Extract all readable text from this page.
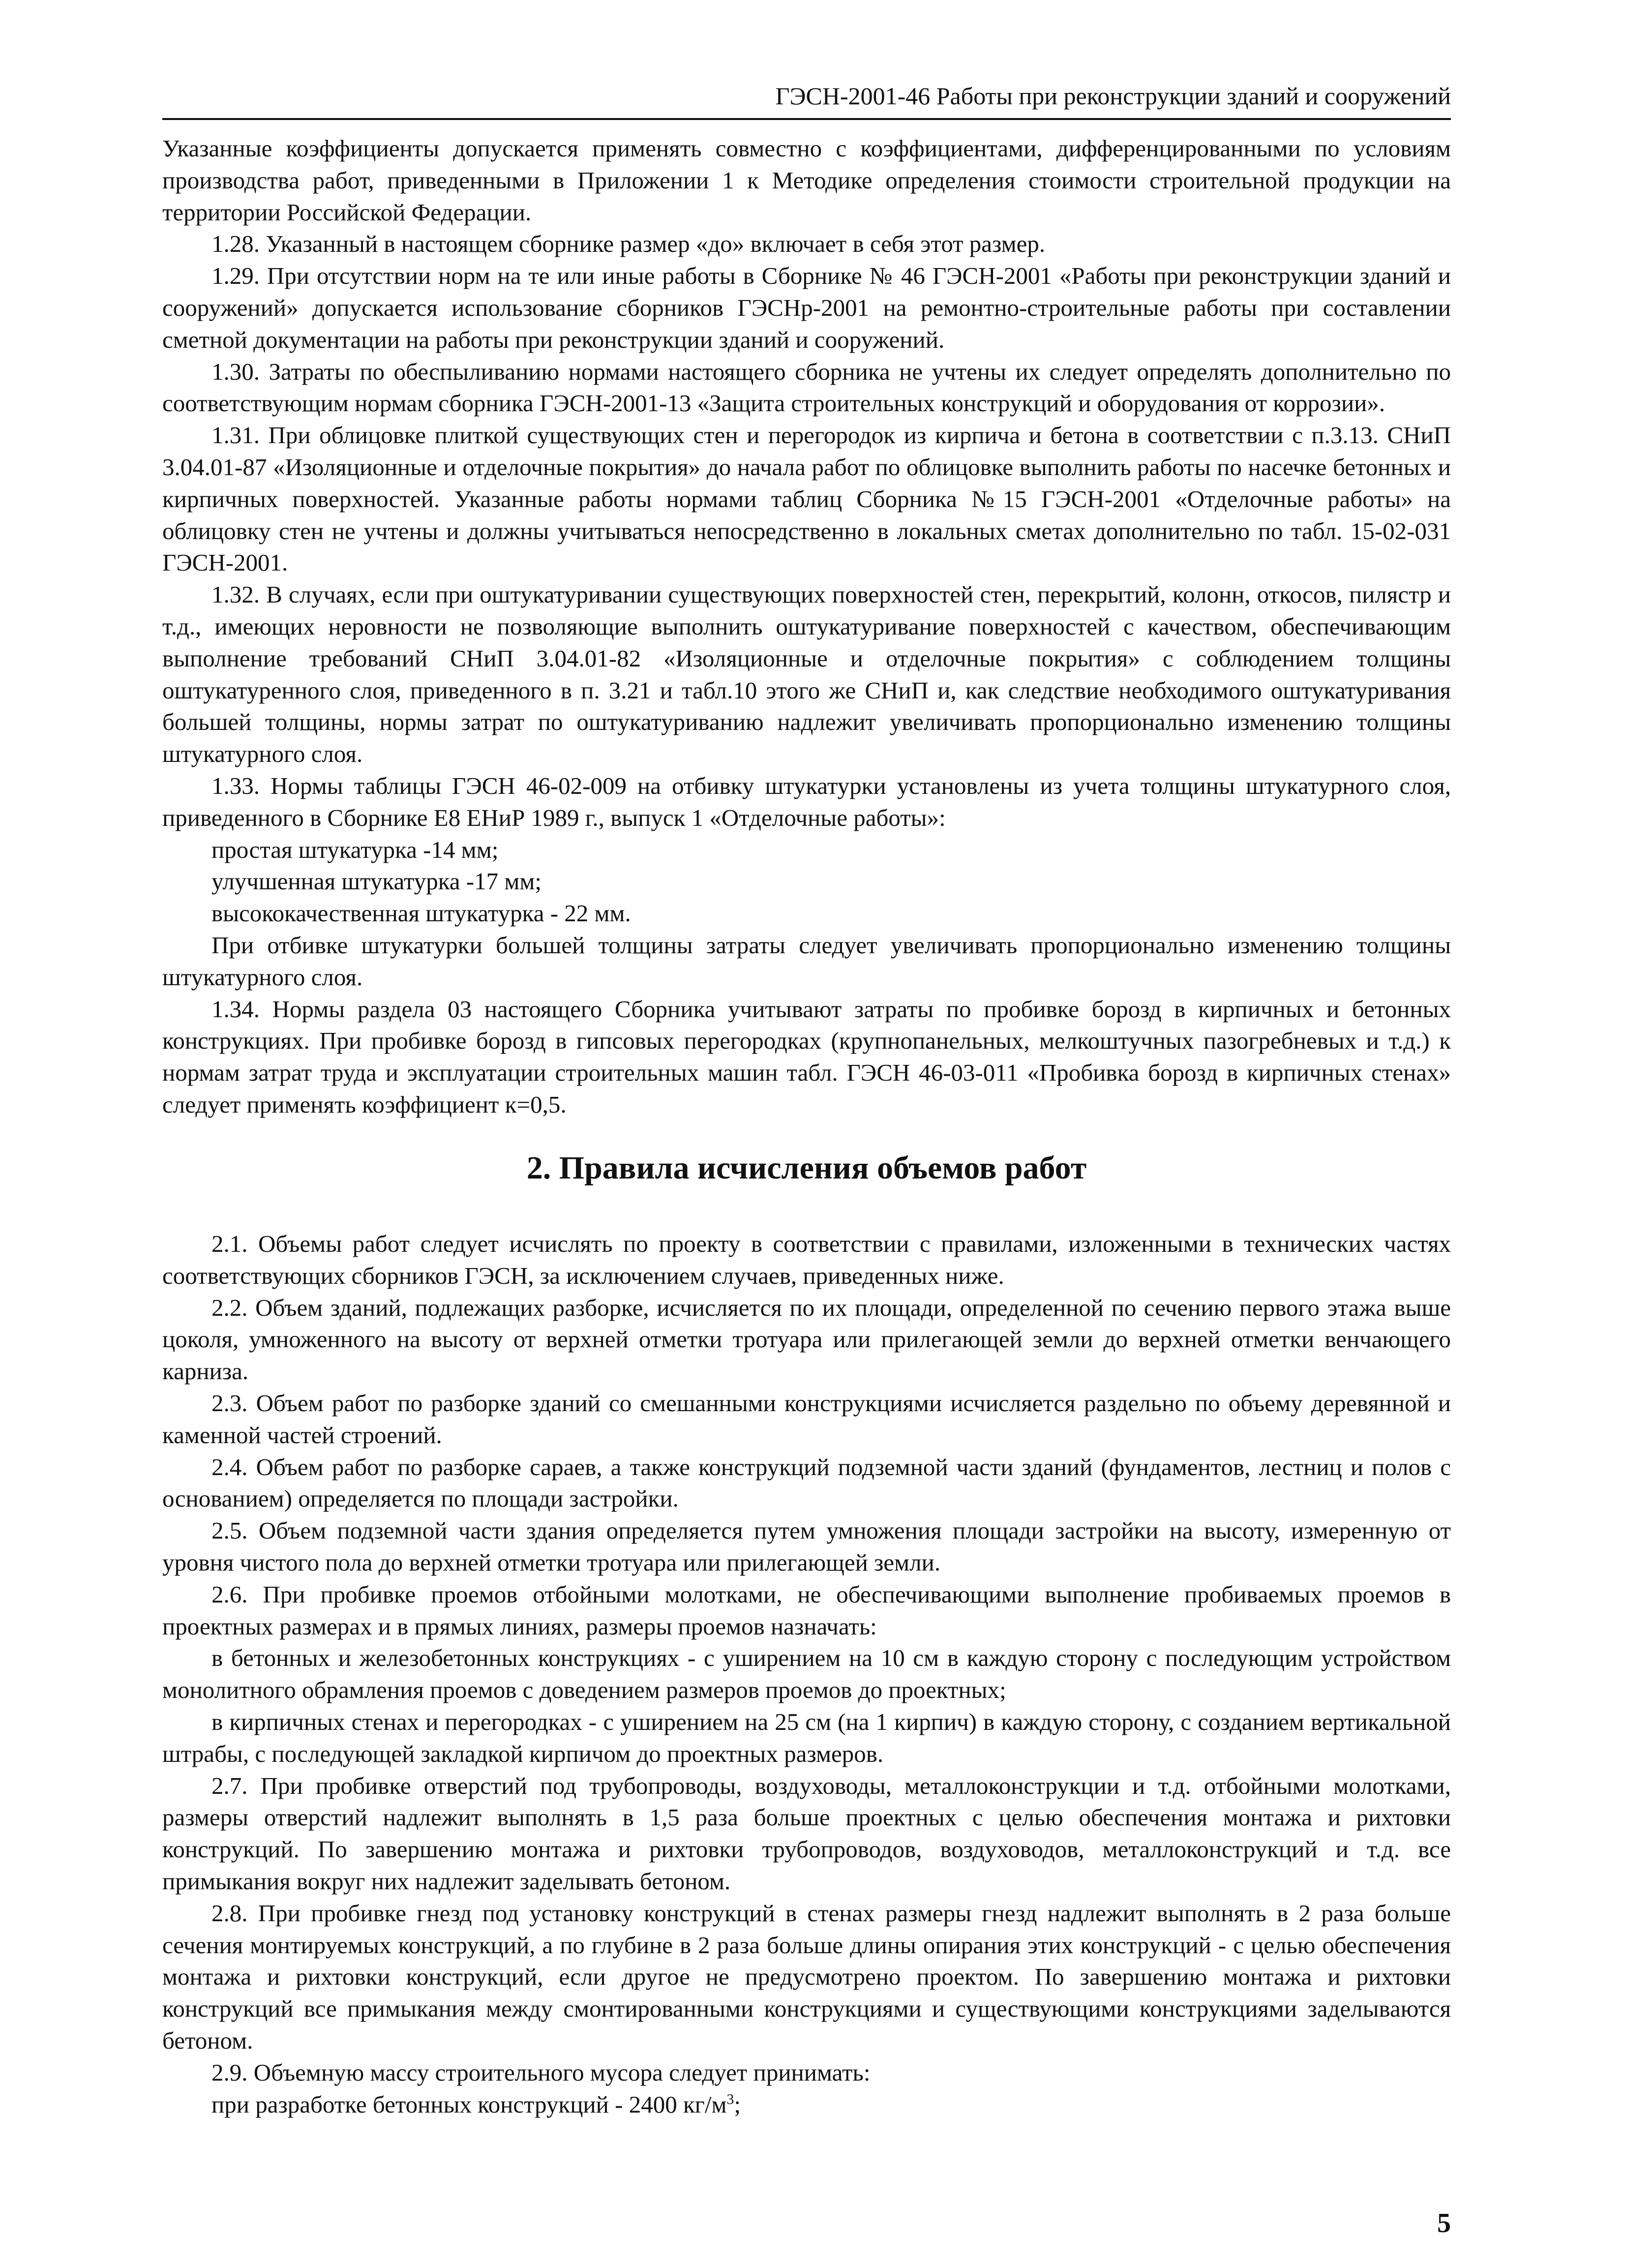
ГЭСН-2001-46 Работы при реконструкции зданий и сооружений

Указанные коэффициенты допускается применять совместно с коэффициентами, дифференцированными по условиям производства работ, приведенными в Приложении 1 к Методике определения стоимости строительной продукции на территории Российской Федерации.

1.28. Указанный в настоящем сборнике размер «до» включает в себя этот размер.

1.29. При отсутствии норм на те или иные работы в Сборнике № 46 ГЭСН-2001 «Работы при реконструкции зданий и сооружений» допускается использование сборников ГЭСНр-2001 на ремонтно-строительные работы при составлении сметной документации на работы при реконструкции зданий и сооружений.

1.30. Затраты по обеспыливанию нормами настоящего сборника не учтены их следует определять дополнительно по соответствующим нормам сборника ГЭСН-2001-13 «Защита строительных конструкций и оборудования от коррозии».

1.31. При облицовке плиткой существующих стен и перегородок из кирпича и бетона в соответствии с п.3.13. СНиП 3.04.01-87 «Изоляционные и отделочные покрытия» до начала работ по облицовке выполнить работы по насечке бетонных и кирпичных поверхностей. Указанные работы нормами таблиц Сборника №15 ГЭСН-2001 «Отделочные работы» на облицовку стен не учтены и должны учитываться непосредственно в локальных сметах дополнительно по табл. 15-02-031 ГЭСН-2001.

1.32. В случаях, если при оштукатуривании существующих поверхностей стен, перекрытий, колонн, откосов, пилястр и т.д., имеющих неровности не позволяющие выполнить оштукатуривание поверхностей с качеством, обеспечивающим выполнение требований СНиП 3.04.01-82 «Изоляционные и отделочные покрытия» с соблюдением толщины оштукатуренного слоя, приведенного в п. 3.21 и табл.10 этого же СНиП и, как следствие необходимого оштукатуривания большей толщины, нормы затрат по оштукатуриванию надлежит увеличивать пропорционально изменению толщины штукатурного слоя.

1.33. Нормы таблицы ГЭСН 46-02-009 на отбивку штукатурки установлены из учета толщины штукатурного слоя, приведенного в Сборнике Е8 ЕНиР 1989 г., выпуск 1 «Отделочные работы»:

простая штукатурка -14 мм;

улучшенная штукатурка -17 мм;

высококачественная штукатурка - 22 мм.

При отбивке штукатурки большей толщины затраты следует увеличивать пропорционально изменению толщины штукатурного слоя.

1.34. Нормы раздела 03 настоящего Сборника учитывают затраты по пробивке борозд в кирпичных и бетонных конструкциях. При пробивке борозд в гипсовых перегородках (крупнопанельных, мелкоштучных пазогребневых и т.д.) к нормам затрат труда и эксплуатации строительных машин табл. ГЭСН 46-03-011 «Пробивка борозд в кирпичных стенах» следует применять коэффициент к=0,5.

2. Правила исчисления объемов работ

2.1. Объемы работ следует исчислять по проекту в соответствии с правилами, изложенными в технических частях соответствующих сборников ГЭСН, за исключением случаев, приведенных ниже.

2.2. Объем зданий, подлежащих разборке, исчисляется по их площади, определенной по сечению первого этажа выше цоколя, умноженного на высоту от верхней отметки тротуара или прилегающей земли до верхней отметки венчающего карниза.

2.3. Объем работ по разборке зданий со смешанными конструкциями исчисляется раздельно по объему деревянной и каменной частей строений.

2.4. Объем работ по разборке сараев, а также конструкций подземной части зданий (фундаментов, лестниц и полов с основанием) определяется по площади застройки.

2.5. Объем подземной части здания определяется путем умножения площади застройки на высоту, измеренную от уровня чистого пола до верхней отметки тротуара или прилегающей земли.

2.6. При пробивке проемов отбойными молотками, не обеспечивающими выполнение пробиваемых проемов в проектных размерах и в прямых линиях, размеры проемов назначать:

в бетонных и железобетонных конструкциях - с уширением на 10 см в каждую сторону с последующим устройством монолитного обрамления проемов с доведением размеров проемов до проектных;

в кирпичных стенах и перегородках - с уширением на 25 см (на 1 кирпич) в каждую сторону, с созданием вертикальной штрабы, с последующей закладкой кирпичом до проектных размеров.

2.7. При пробивке отверстий под трубопроводы, воздуховоды, металлоконструкции и т.д. отбойными молотками, размеры отверстий надлежит выполнять в 1,5 раза больше проектных с целью обеспечения монтажа и рихтовки конструкций. По завершению монтажа и рихтовки трубопроводов, воздуховодов, металлоконструкций и т.д. все примыкания вокруг них надлежит заделывать бетоном.

2.8. При пробивке гнезд под установку конструкций в стенах размеры гнезд надлежит выполнять в 2 раза больше сечения монтируемых конструкций, а по глубине в 2 раза больше длины опирания этих конструкций - с целью обеспечения монтажа и рихтовки конструкций, если другое не предусмотрено проектом. По завершению монтажа и рихтовки конструкций все примыкания между смонтированными конструкциями и существующими конструкциями заделываются бетоном.

2.9. Объемную массу строительного мусора следует принимать:

при разработке бетонных конструкций - 2400 $кг/м^3$;

5
